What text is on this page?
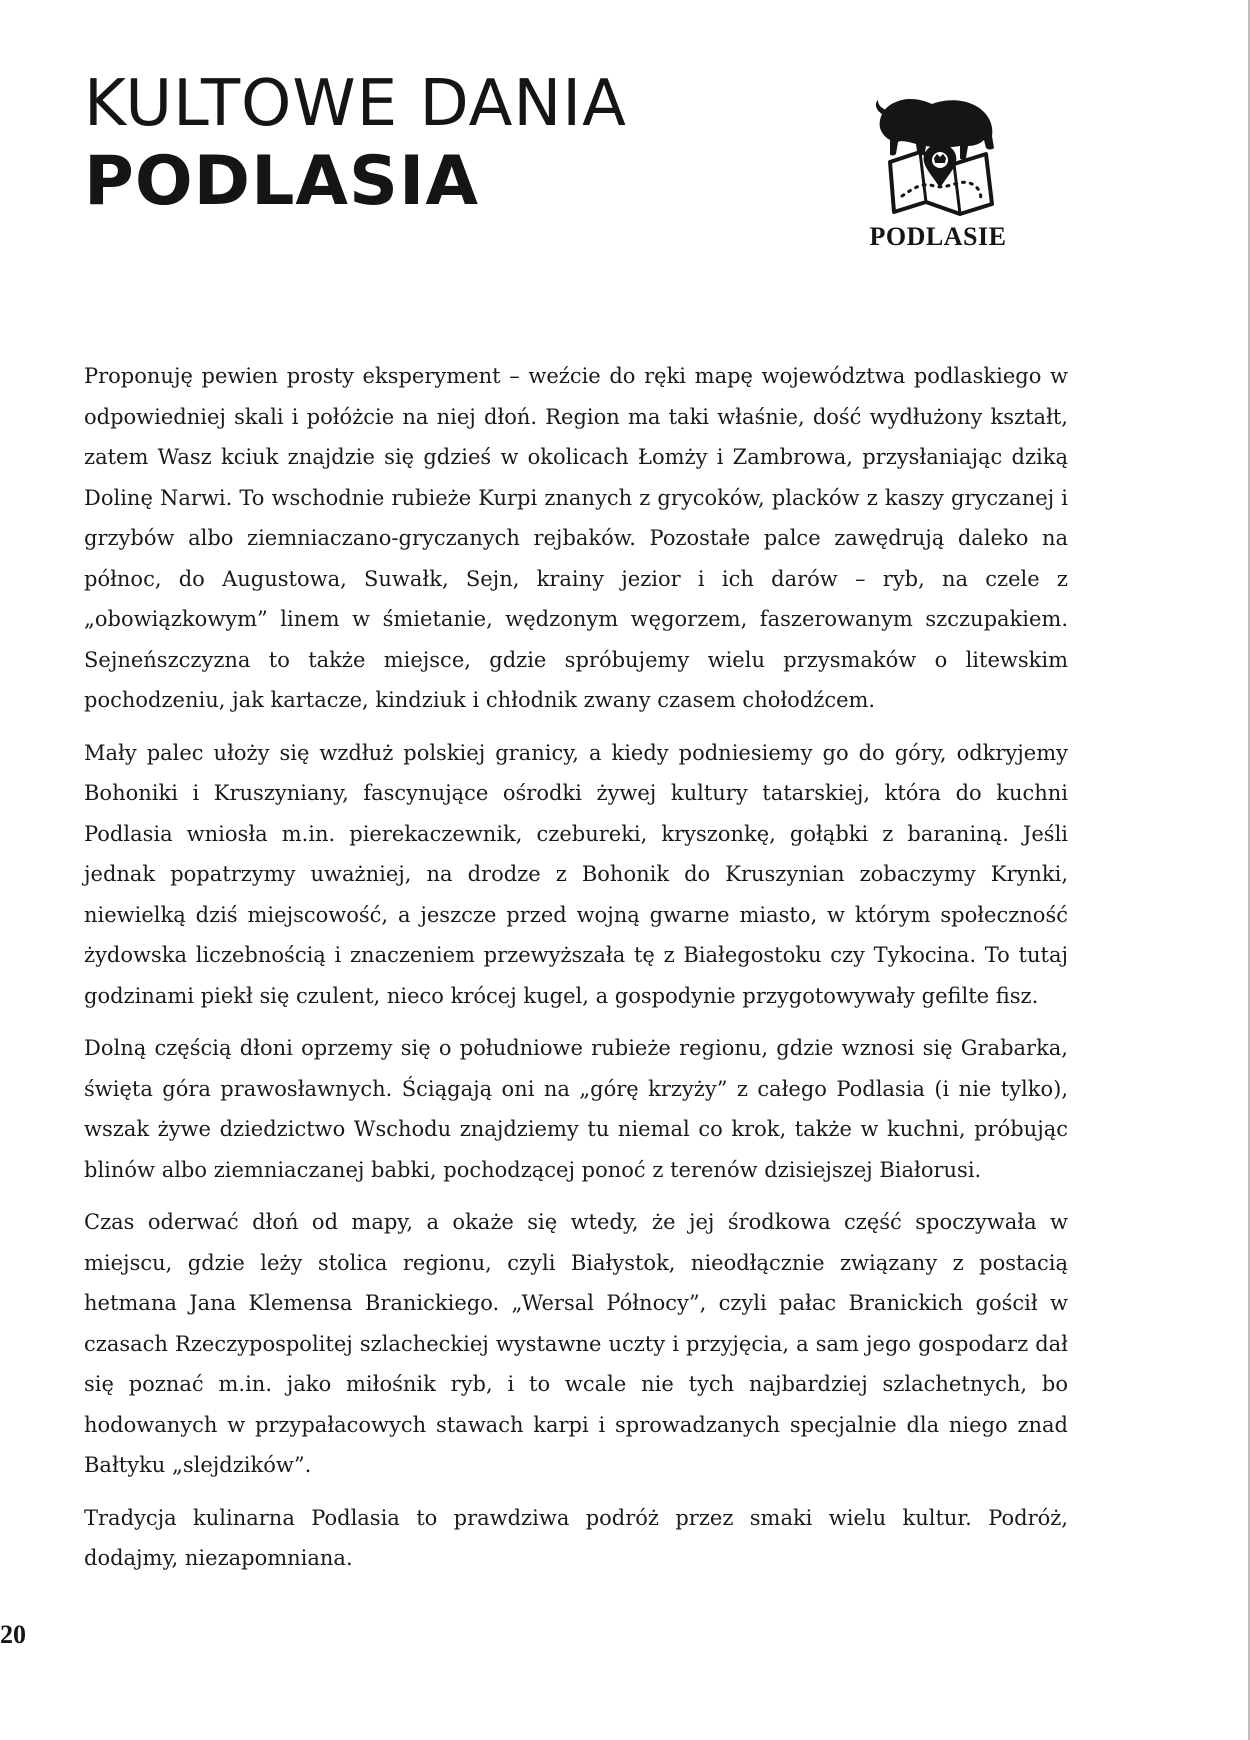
KULTOWE DANIA
PODLASIA
PODLASIE

Proponuję pewien prosty eksperyment – weźcie do ręki mapę województwa podlaskiego w odpowiedniej skali i połóżcie na niej dłoń. Region ma taki właśnie, dość wydłużony kształt, zatem Wasz kciuk znajdzie się gdzieś w okolicach Łomży i Zambrowa, przysłaniając dziką Dolinę Narwi. To wschodnie rubieże Kurpi znanych z grycoków, placków z kaszy gryczanej i grzybów albo ziemniaczano-gryczanych rejbaków. Pozostałe palce zawędrują daleko na północ, do Augustowa, Suwałk, Sejn, krainy jezior i ich darów – ryb, na czele z „obowiązkowym” linem w śmietanie, wędzonym węgorzem, faszerowanym szczupakiem. Sejneńszczyzna to także miejsce, gdzie spróbujemy wielu przysmaków o litewskim pochodzeniu, jak kartacze, kindziuk i chłodnik zwany czasem chołodźcem.

Mały palec ułoży się wzdłuż polskiej granicy, a kiedy podniesiemy go do góry, odkryjemy Bohoniki i Kruszyniany, fascynujące ośrodki żywej kultury tatarskiej, która do kuchni Podlasia wniosła m.in. pierekaczewnik, czebureki, kryszonkę, gołąbki z baraniną. Jeśli jednak popatrzymy uważniej, na drodze z Bohonik do Kruszynian zobaczymy Krynki, niewielką dziś miejscowość, a jeszcze przed wojną gwarne miasto, w którym społeczność żydowska liczebnością i znaczeniem przewyższała tę z Białegostoku czy Tykocina. To tutaj godzinami piekł się czulent, nieco krócej kugel, a gospodynie przygotowywały gefilte fisz.

Dolną częścią dłoni oprzemy się o południowe rubieże regionu, gdzie wznosi się Grabarka, święta góra prawosławnych. Ściągają oni na „górę krzyży” z całego Podlasia (i nie tylko), wszak żywe dziedzictwo Wschodu znajdziemy tu niemal co krok, także w kuchni, próbując blinów albo ziemniaczanej babki, pochodzącej ponoć z terenów dzisiejszej Białorusi.

Czas oderwać dłoń od mapy, a okaże się wtedy, że jej środkowa część spoczywała w miejscu, gdzie leży stolica regionu, czyli Białystok, nieodłącznie związany z postacią hetmana Jana Klemensa Branickiego. „Wersal Północy”, czyli pałac Branickich gościł w czasach Rzeczypospolitej szlacheckiej wystawne uczty i przyjęcia, a sam jego gospodarz dał się poznać m.in. jako miłośnik ryb, i to wcale nie tych najbardziej szlachetnych, bo hodowanych w przypałacowych stawach karpi i sprowadzanych specjalnie dla niego znad Bałtyku „slejdzików”.

Tradycja kulinarna Podlasia to prawdziwa podróż przez smaki wielu kultur. Podróż, dodajmy, niezapomniana.

20
